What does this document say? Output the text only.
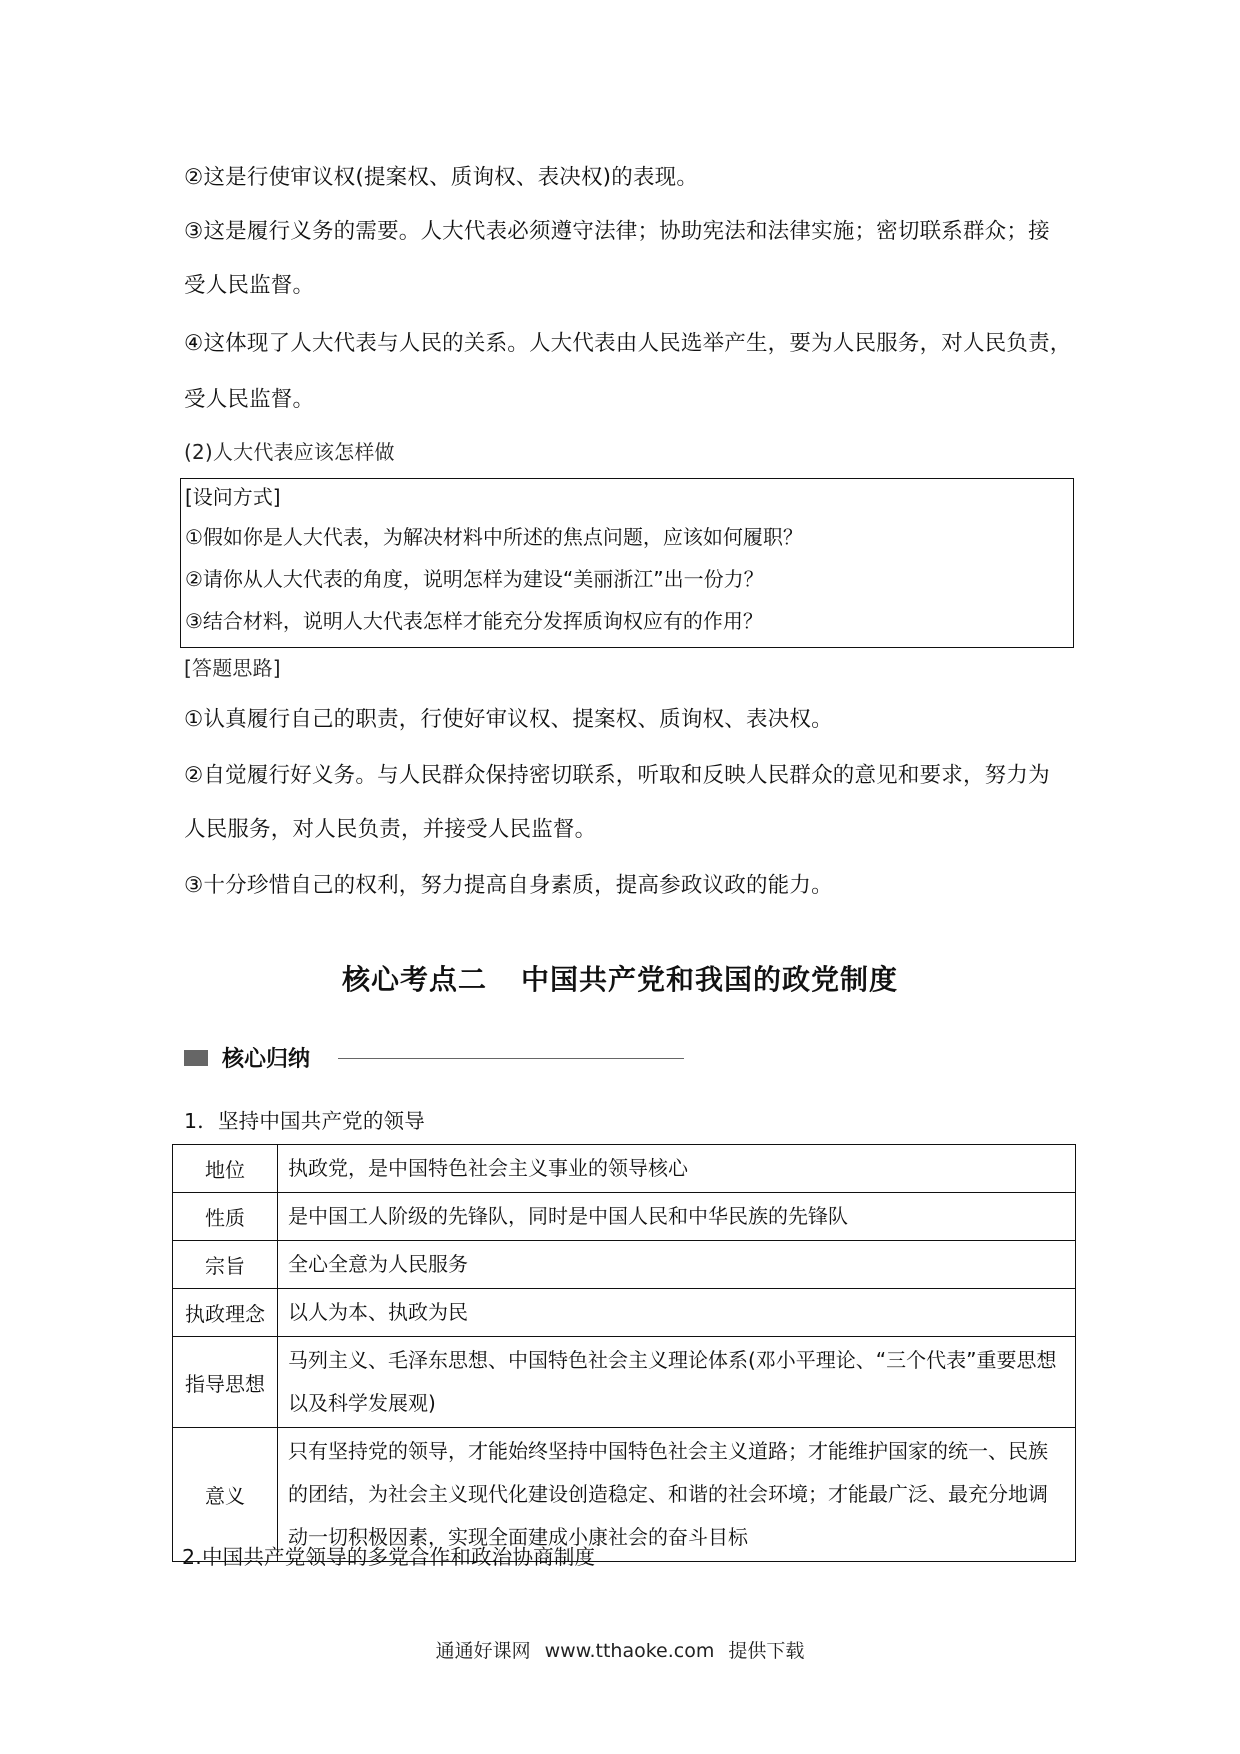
②这是行使审议权(提案权、质询权、表决权)的表现。
③这是履行义务的需要。人大代表必须遵守法律；协助宪法和法律实施；密切联系群众；接
受人民监督。
④这体现了人大代表与人民的关系。人大代表由人民选举产生，要为人民服务，对人民负责，
受人民监督。
(2)人大代表应该怎样做
[设问方式]
①假如你是人大代表，为解决材料中所述的焦点问题，应该如何履职？
②请你从人大代表的角度，说明怎样为建设“美丽浙江”出一份力？
③结合材料，说明人大代表怎样才能充分发挥质询权应有的作用？
[答题思路]
①认真履行自己的职责，行使好审议权、提案权、质询权、表决权。
②自觉履行好义务。与人民群众保持密切联系，听取和反映人民群众的意见和要求，努力为
人民服务，对人民负责，并接受人民监督。
③十分珍惜自己的权利，努力提高自身素质，提高参政议政的能力。
核心考点二 中国共产党和我国的政党制度
核心归纳
1．坚持中国共产党的领导
地位	执政党，是中国特色社会主义事业的领导核心
性质	是中国工人阶级的先锋队，同时是中国人民和中华民族的先锋队
宗旨	全心全意为人民服务
执政理念	以人为本、执政为民
指导思想	马列主义、毛泽东思想、中国特色社会主义理论体系(邓小平理论、“三个代表”重要思想以及科学发展观)
意义	只有坚持党的领导，才能始终坚持中国特色社会主义道路；才能维护国家的统一、民族的团结，为社会主义现代化建设创造稳定、和谐的社会环境；才能最广泛、最充分地调动一切积极因素，实现全面建成小康社会的奋斗目标
2.中国共产党领导的多党合作和政治协商制度
通通好课网 www.tthaoke.com 提供下载
